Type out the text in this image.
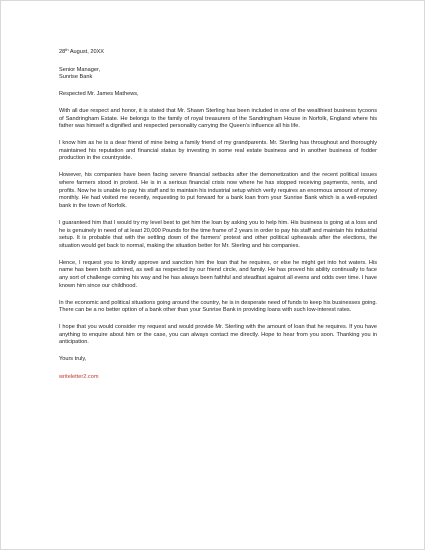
28th August, 20XX
Senior Manager,
Sunrise Bank
Respected Mr. James Mathews,

With all due respect and honor, it is stated that Mr. Shawn Sterling has been included in one of the wealthiest business tycoons of Sandringham Estate. He belongs to the family of royal treasurers of the Sandringham House in Norfolk, England where his father was himself a dignified and respected personality carrying the Queen’s influence all his life.

I know him as he is a dear friend of mine being a family friend of my grandparents. Mr. Sterling has throughout and thoroughly maintained his reputation and financial status by investing in some real estate business and in another business of fodder production in the countryside.

However, his companies have been facing severe financial setbacks after the demonetization and the recent political issues where farmers stood in protest. He is in a serious financial crisis now where he has stopped receiving payments, rents, and profits. Now he is unable to pay his staff and to maintain his industrial setup which verily requires an enormous amount of money monthly. He had visited me recently, requesting to put forward for a bank loan from your Sunrise Bank which is a well-reputed bank in the town of Norfolk.

I guaranteed him that I would try my level best to get him the loan by asking you to help him. His business is going at a loss and he is genuinely in need of at least 20,000 Pounds for the time frame of 2 years in order to pay his staff and maintain his industrial setup. It is probable that with the settling down of the farmers’ protest and other political upheavals after the elections, the situation would get back to normal, making the situation better for Mr. Sterling and his companies.

Hence, I request you to kindly approve and sanction him the loan that he requires, or else he might get into hot waters. His name has been both admired, as well as respected by our friend circle, and family. He has proved his ability continually to face any sort of challenge coming his way and he has always been faithful and steadfast against all evens and odds over time. I have known him since our childhood.

In the economic and political situations going around the country, he is in desperate need of funds to keep his businesses going. There can be a no better option of a bank other than your Sunrise Bank in providing loans with such low-interest rates.

I hope that you would consider my request and would provide Mr. Sterling with the amount of loan that he requires. If you have anything to enquire about him or the case, you can always contact me directly. Hope to hear from you soon. Thanking you in anticipation.

Yours truly,
writeletter2.com
